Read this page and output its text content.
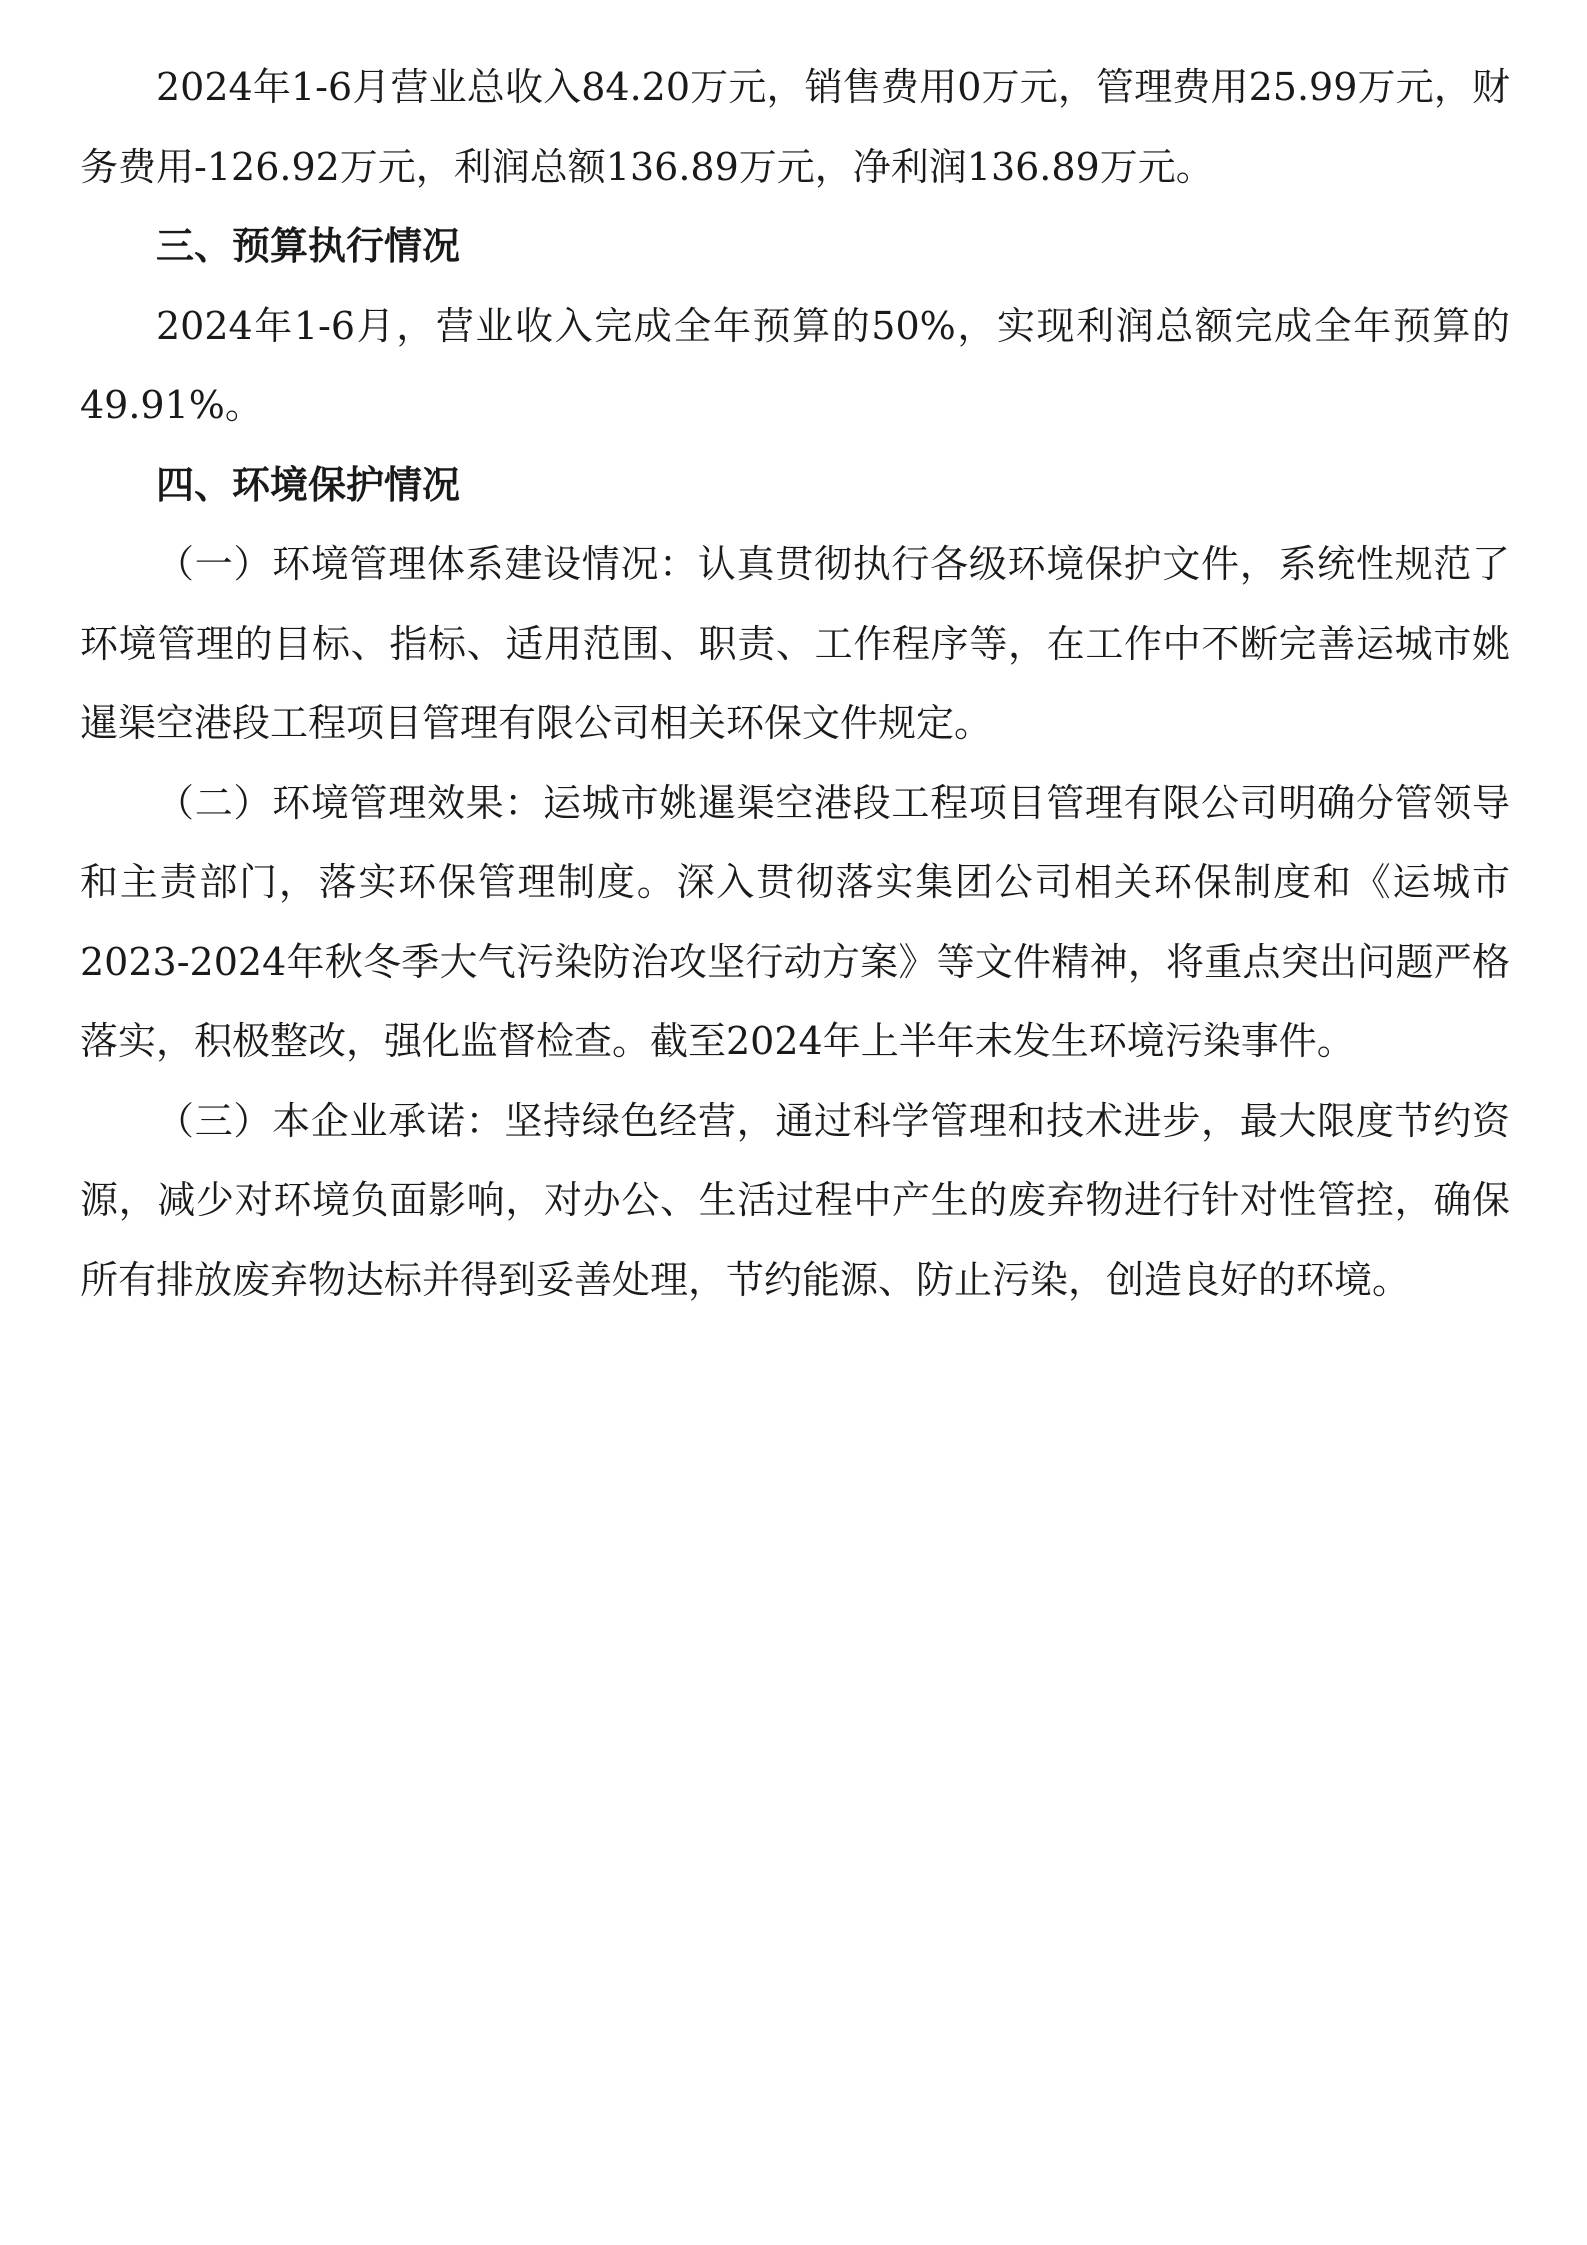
2024年1-6月营业总收入84.20万元，销售费用0万元，管理费用25.99万元，财务费用-126.92万元，利润总额136.89万元，净利润136.89万元。

三、预算执行情况

2024年1-6月，营业收入完成全年预算的50%，实现利润总额完成全年预算的49.91%。

四、环境保护情况

（一）环境管理体系建设情况：认真贯彻执行各级环境保护文件，系统性规范了环境管理的目标、指标、适用范围、职责、工作程序等，在工作中不断完善运城市姚暹渠空港段工程项目管理有限公司相关环保文件规定。

（二）环境管理效果：运城市姚暹渠空港段工程项目管理有限公司明确分管领导和主责部门，落实环保管理制度。深入贯彻落实集团公司相关环保制度和《运城市2023-2024年秋冬季大气污染防治攻坚行动方案》等文件精神，将重点突出问题严格落实，积极整改，强化监督检查。截至2024年上半年未发生环境污染事件。

（三）本企业承诺：坚持绿色经营，通过科学管理和技术进步，最大限度节约资源，减少对环境负面影响，对办公、生活过程中产生的废弃物进行针对性管控，确保所有排放废弃物达标并得到妥善处理，节约能源、防止污染，创造良好的环境。
